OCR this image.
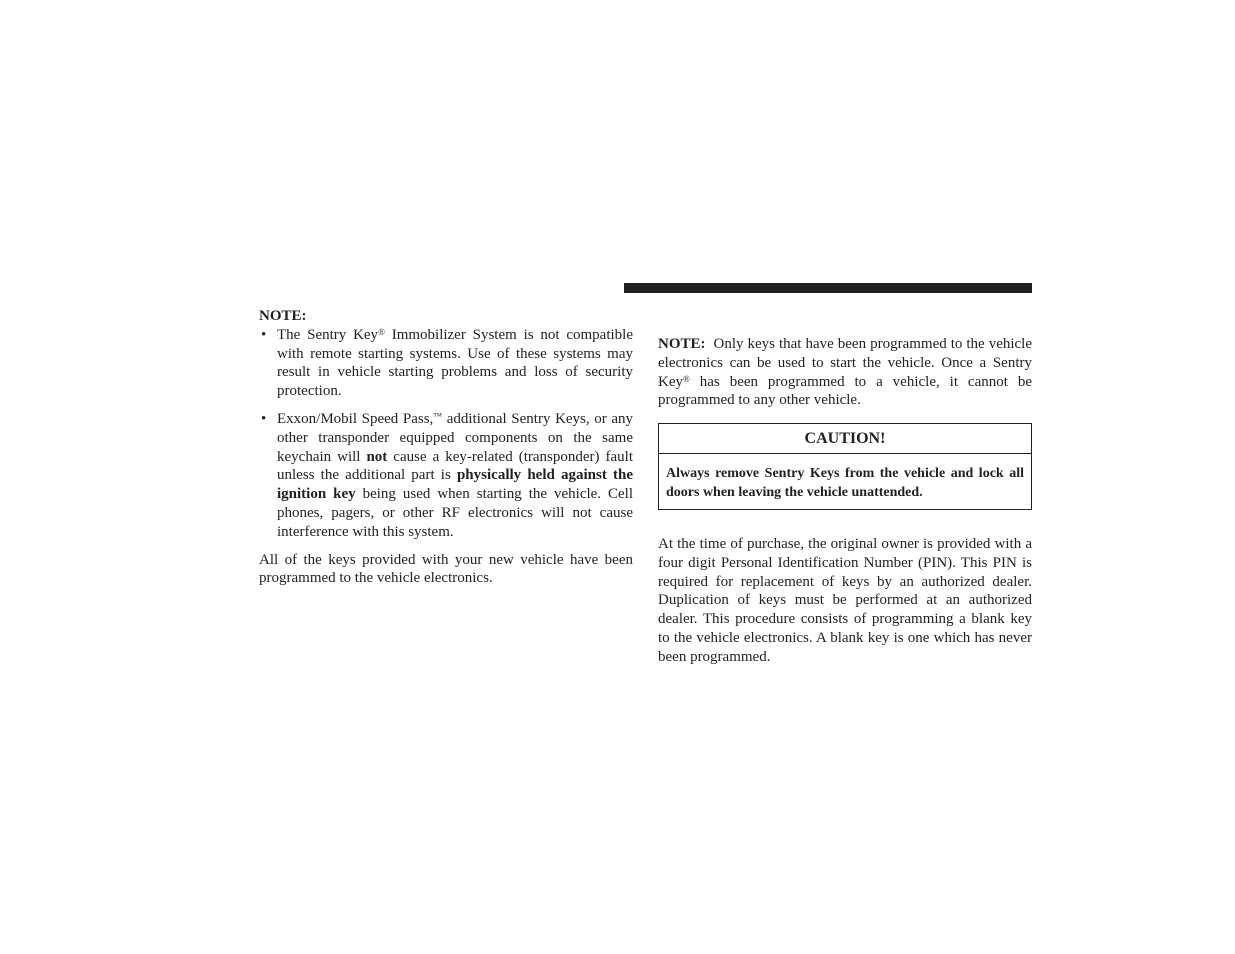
NOTE:

• The Sentry Key® Immobilizer System is not compatible with remote starting systems. Use of these systems may result in vehicle starting problems and loss of security protection.
• Exxon/Mobil Speed Pass,™ additional Sentry Keys, or any other transponder equipped components on the same keychain will not cause a key-related (transponder) fault unless the additional part is physically held against the ignition key being used when starting the vehicle. Cell phones, pagers, or other RF electronics will not cause interference with this system.

All of the keys provided with your new vehicle have been programmed to the vehicle electronics.

NOTE:  Only keys that have been programmed to the vehicle electronics can be used to start the vehicle. Once a Sentry Key® has been programmed to a vehicle, it cannot be programmed to any other vehicle.

CAUTION!
Always remove Sentry Keys from the vehicle and lock all doors when leaving the vehicle unattended.

At the time of purchase, the original owner is provided with a four digit Personal Identification Number (PIN). This PIN is required for replacement of keys by an authorized dealer. Duplication of keys must be performed at an authorized dealer. This procedure consists of programming a blank key to the vehicle electronics. A blank key is one which has never been programmed.
